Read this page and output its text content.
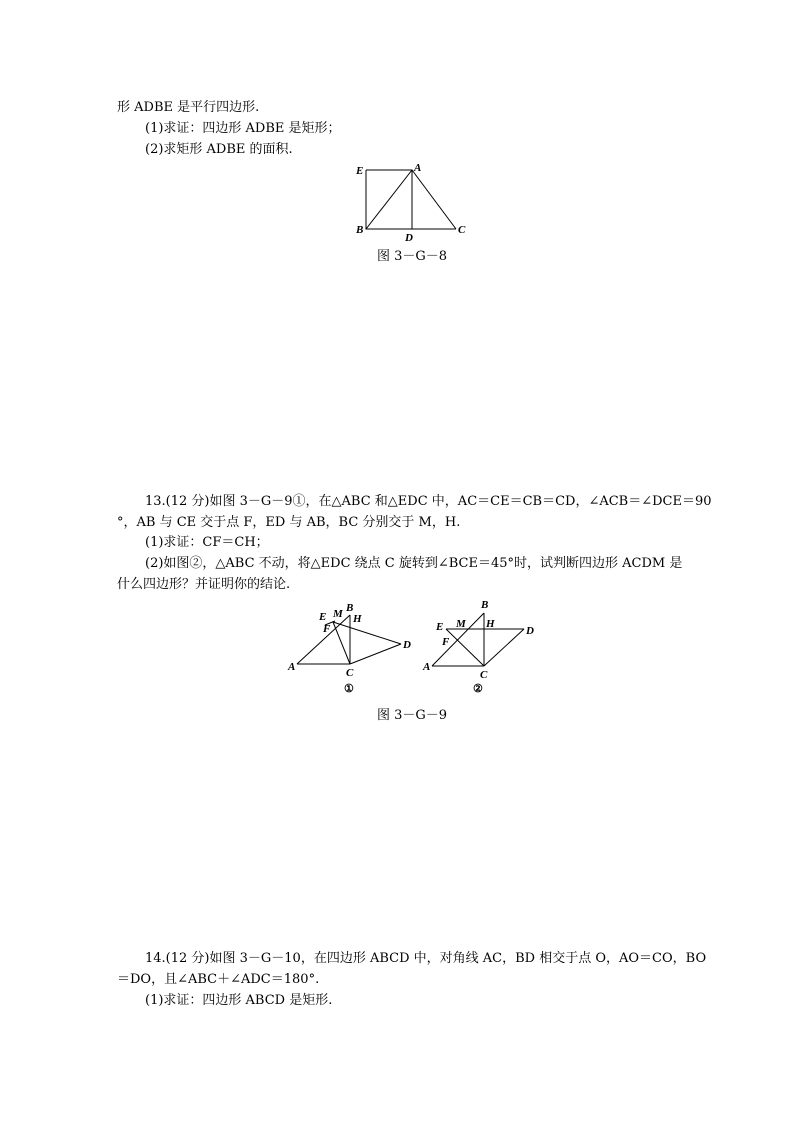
形 ADBE 是平行四边形.
(1)求证：四边形 ADBE 是矩形；
(2)求矩形 ADBE 的面积.
E	A
B
D
C
图 3－G－8
13.(12 分)如图 3－G－9①，在△ABC 和△EDC 中，AC＝CE＝CB＝CD，∠ACB＝∠DCE＝90
°，AB 与 CE 交于点 F，ED 与 AB，BC 分别交于 M，H.
(1)求证：CF＝CH；
(2)如图②，△ABC 不动，将△EDC 绕点 C 旋转到∠BCE＝45°时，试判断四边形 ACDM 是
什么四边形？并证明你的结论.
E M B
H
F
D
A	C
①
B
E M H
D
F
A
C
②
图 3－G－9
14.(12 分)如图 3－G－10，在四边形 ABCD 中，对角线 AC，BD 相交于点 O，AO＝CO，BO
＝DO，且∠ABC＋∠ADC＝180°.
(1)求证：四边形 ABCD 是矩形.
